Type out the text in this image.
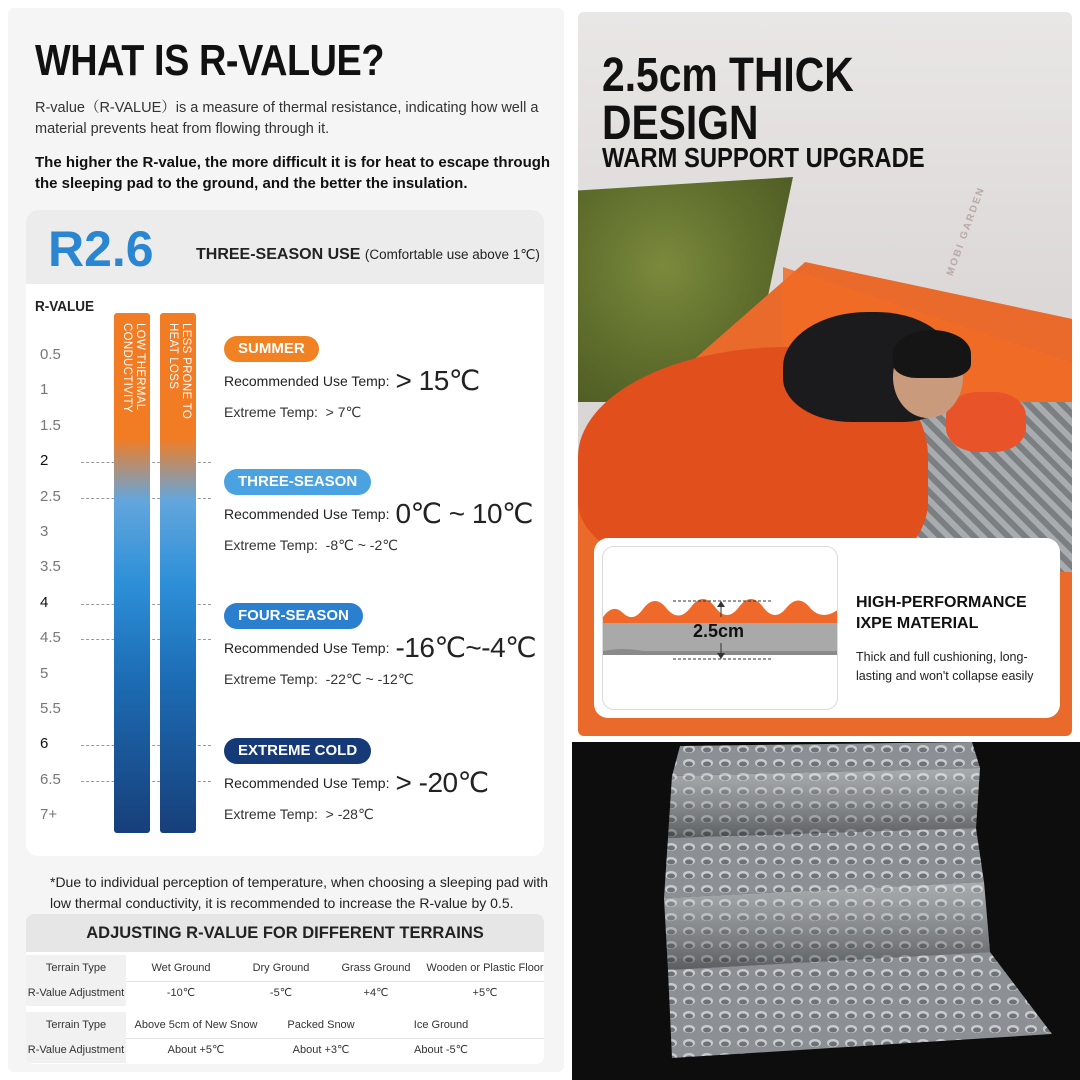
WHAT IS R-VALUE?
R-value（R-VALUE）is a measure of thermal resistance, indicating how well a material prevents heat from flowing through it.
The higher the R-value, the more difficult it is for heat to escape through the sleeping pad to the ground, and the better the insulation.
R2.6	THREE-SEASON USE (Comfortable use above 1℃)
R-VALUE
0.5
1
1.5
2
2.5
3
3.5
4
4.5
5
5.5
6
6.5
7+
LOW THERMAL CONDUCTIVITY	LESS PRONE TO HEAT LOSS	SUMMER
Recommended Use Temp: > 15℃
Extreme Temp: > 7℃
THREE-SEASON
Recommended Use Temp: 0℃ ~ 10℃
Extreme Temp: -8℃ ~ -2℃
FOUR-SEASON
Recommended Use Temp: -16℃~-4℃
Extreme Temp: -22℃ ~ -12℃
EXTREME COLD
Recommended Use Temp: > -20℃
Extreme Temp: > -28℃
*Due to individual perception of temperature, when choosing a sleeping pad with low thermal conductivity, it is recommended to increase the R-value by 0.5.
ADJUSTING R-VALUE FOR DIFFERENT TERRAINS
Terrain Type	Wet Ground	Dry Ground	Grass Ground	Wooden or Plastic Floor
R-Value Adjustment	-10℃	-5℃	+4℃	+5℃
Terrain Type	Above 5cm of New Snow	Packed Snow	Ice Ground
R-Value Adjustment	About +5℃	About +3℃	About -5℃
MOBI GARDEN
2.5cm THICK
DESIGN
WARM SUPPORT UPGRADE
2.5cm
HIGH-PERFORMANCE IXPE MATERIAL
Thick and full cushioning, long-lasting and won't collapse easily
